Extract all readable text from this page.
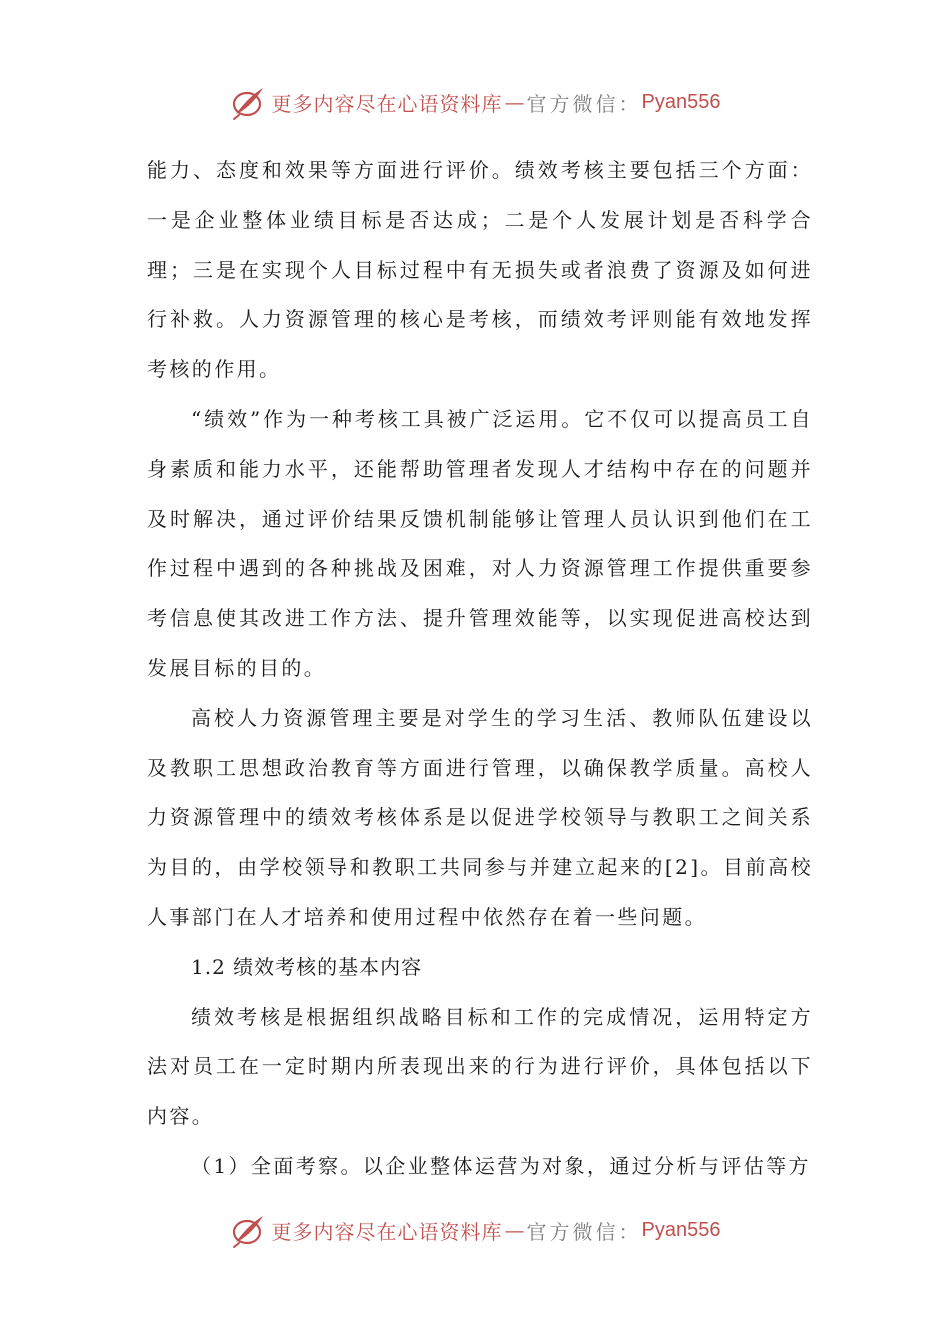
更多内容尽在心语资料库 — 官方微信： Pyan556

能力、态度和效果等方面进行评价。绩效考核主要包括三个方面：一是企业整体业绩目标是否达成；二是个人发展计划是否科学合理；三是在实现个人目标过程中有无损失或者浪费了资源及如何进行补救。人力资源管理的核心是考核，而绩效考评则能有效地发挥考核的作用。

“绩效”作为一种考核工具被广泛运用。它不仅可以提高员工自身素质和能力水平，还能帮助管理者发现人才结构中存在的问题并及时解决，通过评价结果反馈机制能够让管理人员认识到他们在工作过程中遇到的各种挑战及困难，对人力资源管理工作提供重要参考信息使其改进工作方法、提升管理效能等，以实现促进高校达到发展目标的目的。

高校人力资源管理主要是对学生的学习生活、教师队伍建设以及教职工思想政治教育等方面进行管理，以确保教学质量。高校人力资源管理中的绩效考核体系是以促进学校领导与教职工之间关系为目的，由学校领导和教职工共同参与并建立起来的[2]。目前高校人事部门在人才培养和使用过程中依然存在着一些问题。

1.2 绩效考核的基本内容

绩效考核是根据组织战略目标和工作的完成情况，运用特定方法对员工在一定时期内所表现出来的行为进行评价，具体包括以下内容。

（1）全面考察。以企业整体运营为对象，通过分析与评估等方

更多内容尽在心语资料库 — 官方微信： Pyan556
